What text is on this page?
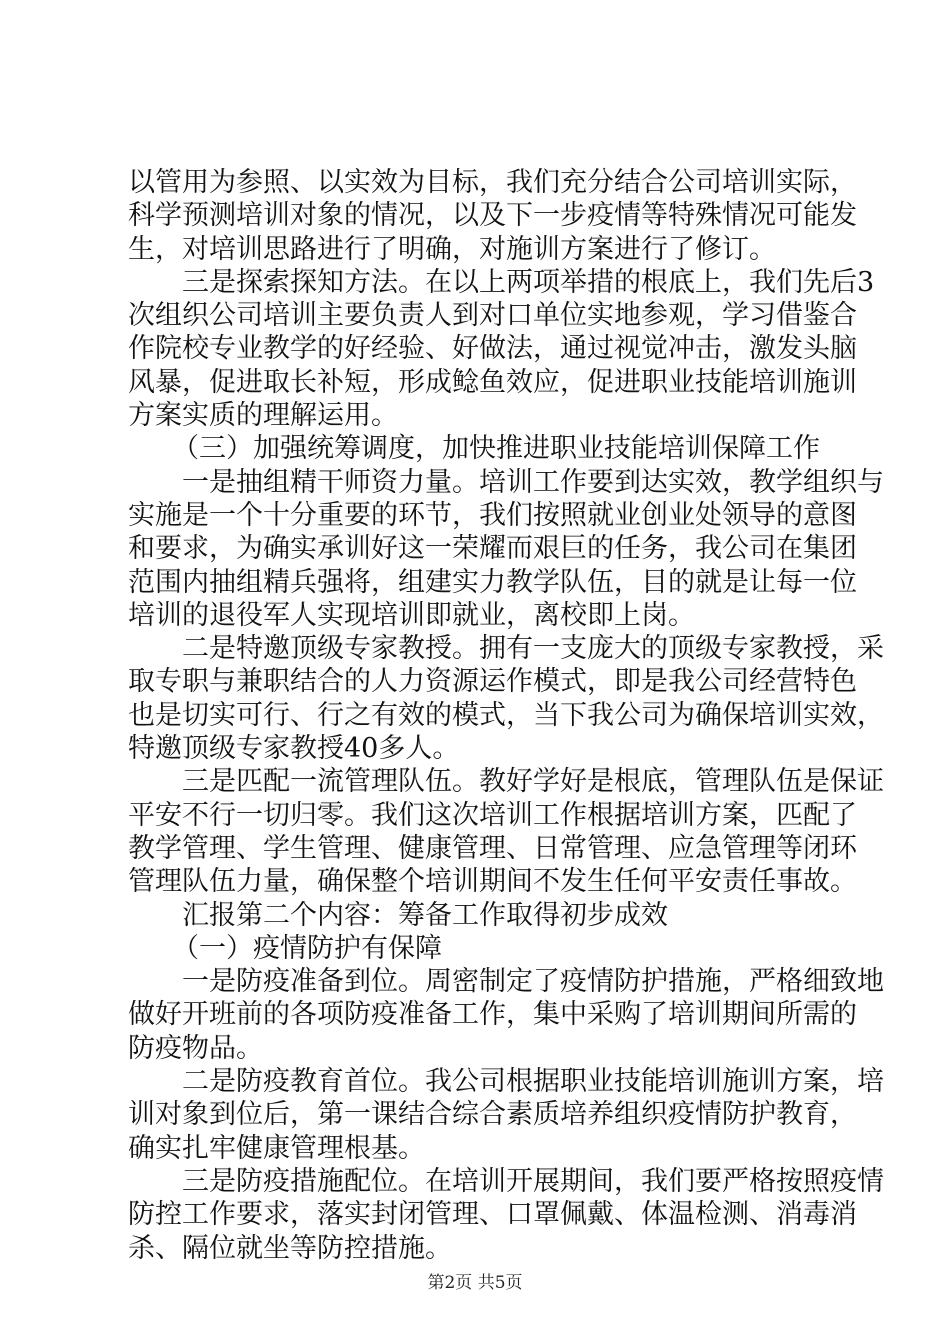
以管用为参照、以实效为目标，我们充分结合公司培训实际，
科学预测培训对象的情况，以及下一步疫情等特殊情况可能发
生，对培训思路进行了明确，对施训方案进行了修订。
三是探索探知方法。在以上两项举措的根底上，我们先后3
次组织公司培训主要负责人到对口单位实地参观，学习借鉴合
作院校专业教学的好经验、好做法，通过视觉冲击，激发头脑
风暴，促进取长补短，形成鲶鱼效应，促进职业技能培训施训
方案实质的理解运用。
（三）加强统筹调度，加快推进职业技能培训保障工作
一是抽组精干师资力量。培训工作要到达实效，教学组织与
实施是一个十分重要的环节，我们按照就业创业处领导的意图
和要求，为确实承训好这一荣耀而艰巨的任务，我公司在集团
范围内抽组精兵强将，组建实力教学队伍，目的就是让每一位
培训的退役军人实现培训即就业，离校即上岗。
二是特邀顶级专家教授。拥有一支庞大的顶级专家教授，采
取专职与兼职结合的人力资源运作模式，即是我公司经营特色
也是切实可行、行之有效的模式，当下我公司为确保培训实效，
特邀顶级专家教授40多人。
三是匹配一流管理队伍。教好学好是根底，管理队伍是保证
平安不行一切归零。我们这次培训工作根据培训方案，匹配了
教学管理、学生管理、健康管理、日常管理、应急管理等闭环
管理队伍力量，确保整个培训期间不发生任何平安责任事故。
汇报第二个内容：筹备工作取得初步成效
（一）疫情防护有保障
一是防疫准备到位。周密制定了疫情防护措施，严格细致地
做好开班前的各项防疫准备工作，集中采购了培训期间所需的
防疫物品。
二是防疫教育首位。我公司根据职业技能培训施训方案，培
训对象到位后，第一课结合综合素质培养组织疫情防护教育，
确实扎牢健康管理根基。
三是防疫措施配位。在培训开展期间，我们要严格按照疫情
防控工作要求，落实封闭管理、口罩佩戴、体温检测、消毒消
杀、隔位就坐等防控措施。
第2页 共5页
